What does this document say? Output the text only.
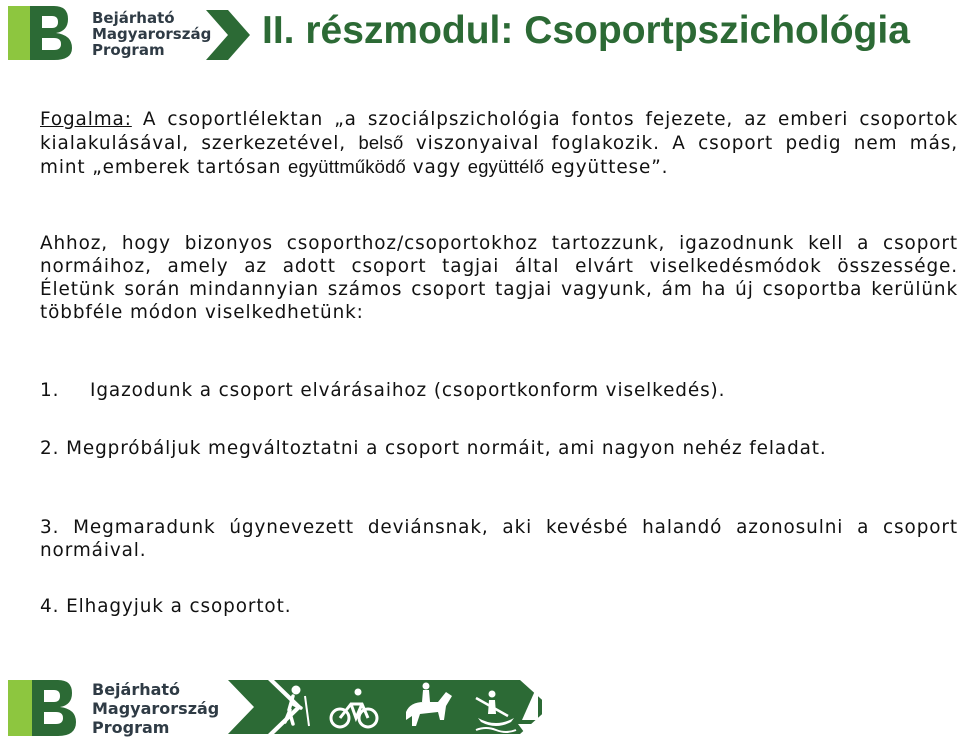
Bejárható
Magyarország
Program	II. részmodul: Csoportpszichológia

Fogalma: A csoportlélektan „a szociálpszichológia fontos fejezete, az emberi csoportok kialakulásával, szerkezetével, belső viszonyaival foglakozik. A csoport pedig nem más, mint „emberek tartósan együttműködő vagy együttélő együttese”.

Ahhoz, hogy bizonyos csoporthoz/csoportokhoz tartozzunk, igazodnunk kell a csoport normáihoz, amely az adott csoport tagjai által elvárt viselkedésmódok összessége. Életünk során mindannyian számos csoport tagjai vagyunk, ám ha új csoportba kerülünk többféle módon viselkedhetünk:

1. Igazodunk a csoport elvárásaihoz (csoportkonform viselkedés).

2. Megpróbáljuk megváltoztatni a csoport normáit, ami nagyon nehéz feladat.

3. Megmaradunk úgynevezett deviánsnak, aki kevésbé halandó azonosulni a csoport normáival.

4. Elhagyjuk a csoportot.

Bejárható
Magyarország
Program
